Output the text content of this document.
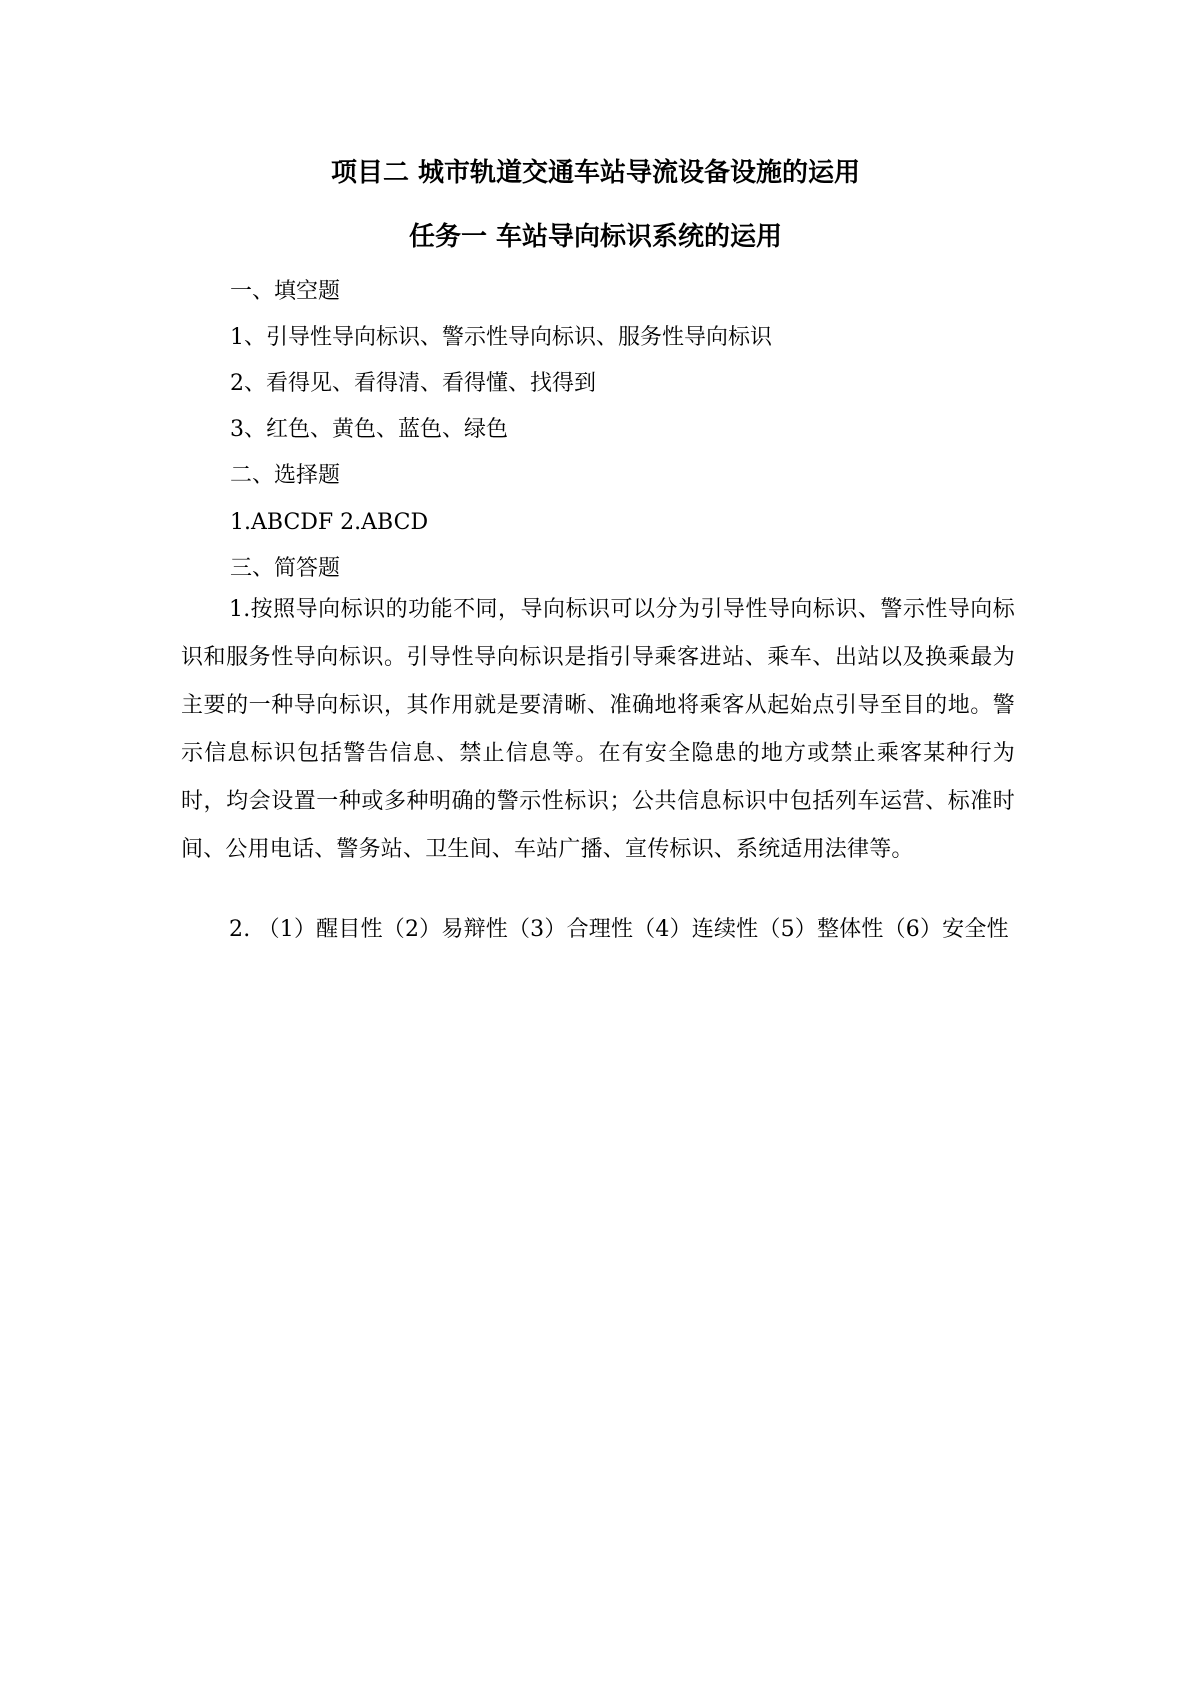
项目二 城市轨道交通车站导流设备设施的运用
任务一 车站导向标识系统的运用

一、填空题

1、引导性导向标识、警示性导向标识、服务性导向标识

2、看得见、看得清、看得懂、找得到

3、红色、黄色、蓝色、绿色

二、选择题

1.ABCDF 2.ABCD

三、简答题

1.按照导向标识的功能不同，导向标识可以分为引导性导向标识、警示性导向标识和服务性导向标识。引导性导向标识是指引导乘客进站、乘车、出站以及换乘最为主要的一种导向标识，其作用就是要清晰、准确地将乘客从起始点引导至目的地。警示信息标识包括警告信息、禁止信息等。在有安全隐患的地方或禁止乘客某种行为时，均会设置一种或多种明确的警示性标识；公共信息标识中包括列车运营、标准时间、公用电话、警务站、卫生间、车站广播、宣传标识、系统适用法律等。

2. （1）醒目性（2）易辩性（3）合理性（4）连续性（5）整体性（6）安全性
